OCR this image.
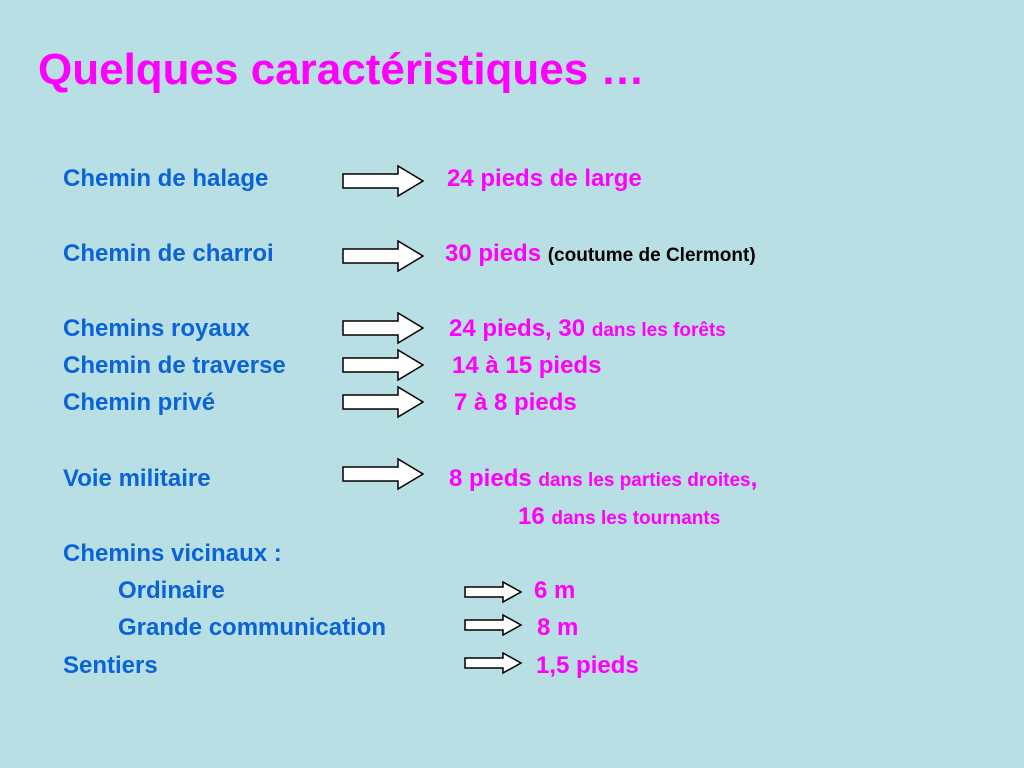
Quelques caractéristiques …
Chemin de halage	24 pieds de large
Chemin de charroi	30 pieds (coutume de Clermont)
Chemins royaux	24 pieds, 30 dans les forêts
Chemin de traverse	14 à 15 pieds
Chemin privé	7 à 8 pieds
Voie militaire	8 pieds dans les parties droites,
16 dans les tournants
Chemins vicinaux :
Ordinaire	6 m
Grande communication	8 m
Sentiers	1,5 pieds
